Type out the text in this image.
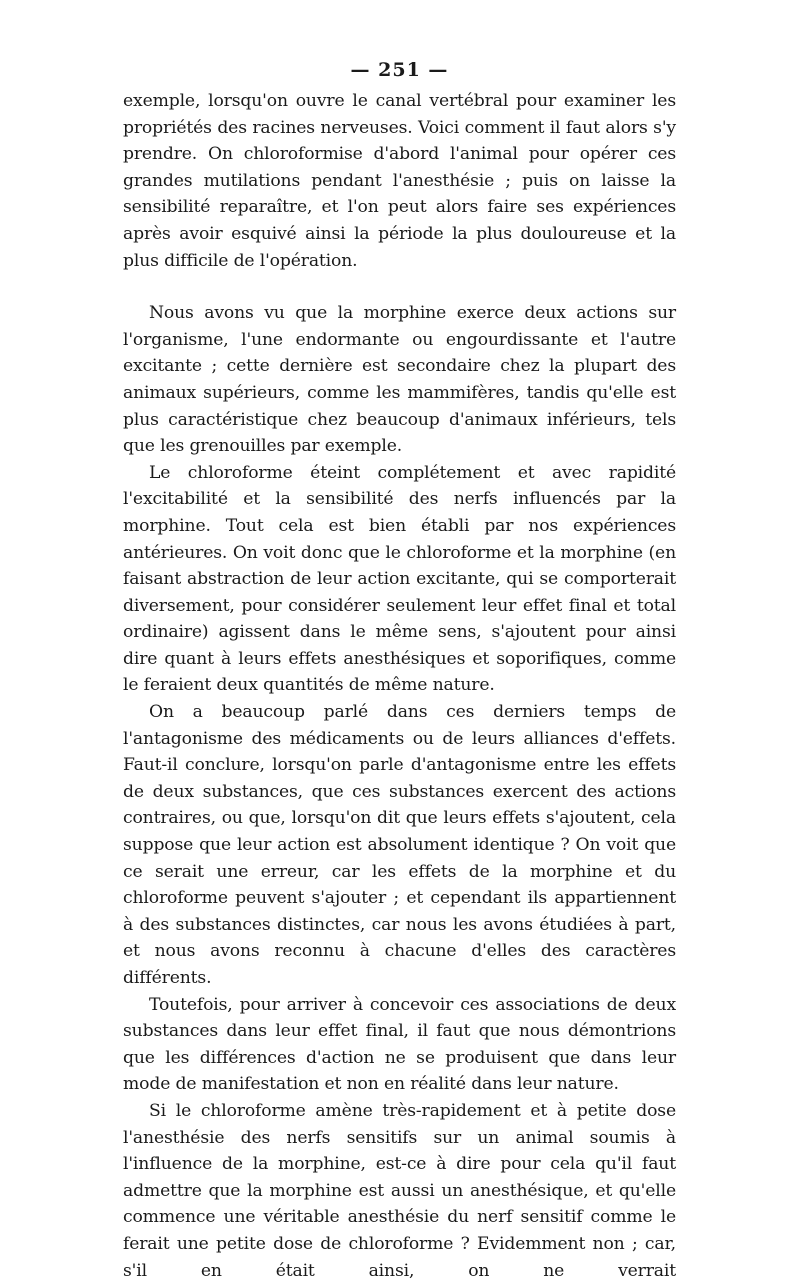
— 251 —

exemple, lorsqu'on ouvre le canal vertébral pour examiner les propriétés des racines nerveuses. Voici comment il faut alors s'y prendre. On chloroformise d'abord l'animal pour opérer ces grandes mutilations pendant l'anesthésie ; puis on laisse la sensibilité reparaître, et l'on peut alors faire ses expériences après avoir esquivé ainsi la période la plus douloureuse et la plus difficile de l'opération.

Nous avons vu que la morphine exerce deux actions sur l'organisme, l'une endormante ou engourdissante et l'autre excitante ; cette dernière est secondaire chez la plupart des animaux supérieurs, comme les mammifères, tandis qu'elle est plus caractéristique chez beaucoup d'animaux inférieurs, tels que les grenouilles par exemple.

Le chloroforme éteint complétement et avec rapidité l'excitabilité et la sensibilité des nerfs influencés par la morphine. Tout cela est bien établi par nos expériences antérieures. On voit donc que le chloroforme et la morphine (en faisant abstraction de leur action excitante, qui se comporterait diversement, pour considérer seulement leur effet final et total ordinaire) agissent dans le même sens, s'ajoutent pour ainsi dire quant à leurs effets anesthésiques et soporifiques, comme le feraient deux quantités de même nature.

On a beaucoup parlé dans ces derniers temps de l'antagonisme des médicaments ou de leurs alliances d'effets. Faut-il conclure, lorsqu'on parle d'antagonisme entre les effets de deux substances, que ces substances exercent des actions contraires, ou que, lorsqu'on dit que leurs effets s'ajoutent, cela suppose que leur action est absolument identique ? On voit que ce serait une erreur, car les effets de la morphine et du chloroforme peuvent s'ajouter ; et cependant ils appartiennent à des substances distinctes, car nous les avons étudiées à part, et nous avons reconnu à chacune d'elles des caractères différents.

Toutefois, pour arriver à concevoir ces associations de deux substances dans leur effet final, il faut que nous démontrions que les différences d'action ne se produisent que dans leur mode de manifestation et non en réalité dans leur nature.

Si le chloroforme amène très-rapidement et à petite dose l'anesthésie des nerfs sensitifs sur un animal soumis à l'influence de la morphine, est-ce à dire pour cela qu'il faut admettre que la morphine est aussi un anesthésique, et qu'elle commence une véritable anesthésie du nerf sensitif comme le ferait une petite dose de chloroforme ? Evidemment non ; car, s'il en était ainsi, on ne verrait
